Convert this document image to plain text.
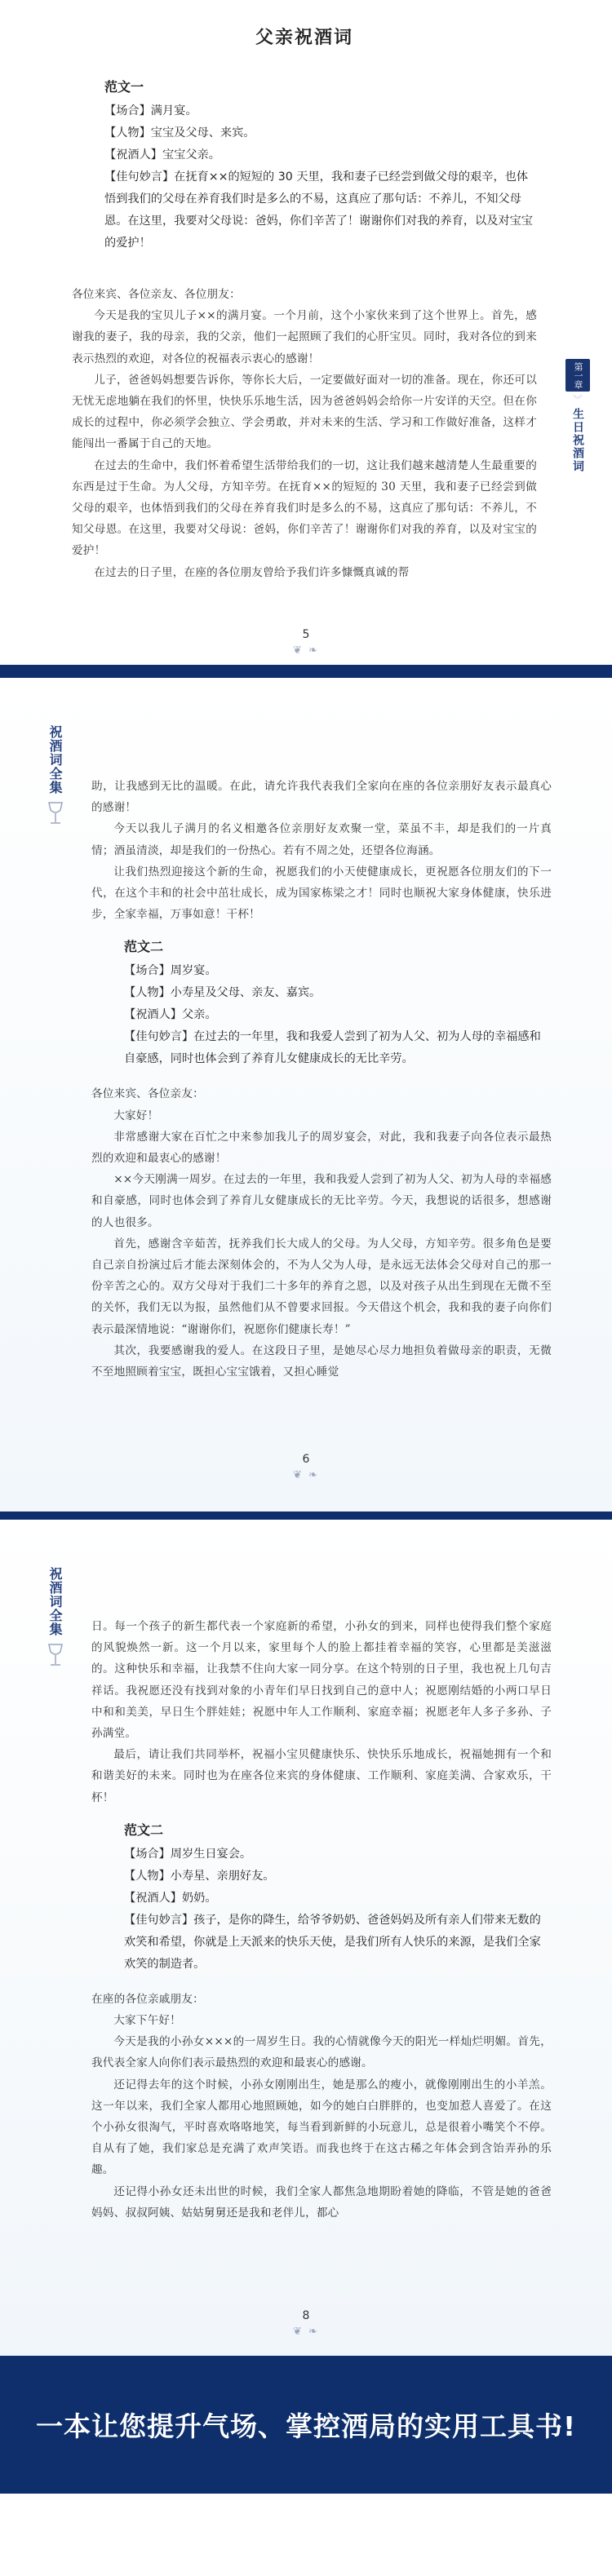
父亲祝酒词
范文一
【场合】满月宴。
【人物】宝宝及父母、来宾。
【祝酒人】宝宝父亲。
【佳句妙言】在抚育××的短短的 30 天里，我和妻子已经尝到做父母的艰辛，也体悟到我们的父母在养育我们时是多么的不易，这真应了那句话：不养儿，不知父母恩。在这里，我要对父母说：爸妈，你们辛苦了！谢谢你们对我的养育，以及对宝宝的爱护！

各位来宾、各位亲友、各位朋友：

今天是我的宝贝儿子××的满月宴。一个月前，这个小家伙来到了这个世界上。首先，感谢我的妻子，我的母亲，我的父亲，他们一起照顾了我们的心肝宝贝。同时，我对各位的到来表示热烈的欢迎，对各位的祝福表示衷心的感谢！

儿子，爸爸妈妈想要告诉你，等你长大后，一定要做好面对一切的准备。现在，你还可以无忧无虑地躺在我们的怀里，快快乐乐地生活，因为爸爸妈妈会给你一片安详的天空。但在你成长的过程中，你必须学会独立、学会勇敢，并对未来的生活、学习和工作做好准备，这样才能闯出一番属于自己的天地。

在过去的生命中，我们怀着希望生活带给我们的一切，这让我们越来越清楚人生最重要的东西是过于生命。为人父母，方知辛劳。在抚育××的短短的 30 天里，我和妻子已经尝到做父母的艰辛，也体悟到我们的父母在养育我们时是多么的不易，这真应了那句话：不养儿，不知父母恩。在这里，我要对父母说：爸妈，你们辛苦了！谢谢你们对我的养育，以及对宝宝的爱护！

在过去的日子里，在座的各位朋友曾给予我们许多慷慨真诚的帮

第一章
︾
生日祝酒词
5
❦ ❧
祝酒词全集	助，让我感到无比的温暖。在此，请允许我代表我们全家向在座的各位亲朋好友表示最真心的感谢！

今天以我儿子满月的名义相邀各位亲朋好友欢聚一堂，菜虽不丰，却是我们的一片真情；酒虽清淡，却是我们的一份热心。若有不周之处，还望各位海涵。

让我们热烈迎接这个新的生命，祝愿我们的小天使健康成长，更祝愿各位朋友们的下一代，在这个丰和的社会中茁壮成长，成为国家栋梁之才！同时也顺祝大家身体健康，快乐进步，全家幸福，万事如意！干杯！

范文二
【场合】周岁宴。
【人物】小寿星及父母、亲友、嘉宾。
【祝酒人】父亲。
【佳句妙言】在过去的一年里，我和我爱人尝到了初为人父、初为人母的幸福感和自豪感，同时也体会到了养育儿女健康成长的无比辛劳。

各位来宾、各位亲友：

大家好！

非常感谢大家在百忙之中来参加我儿子的周岁宴会，对此，我和我妻子向各位表示最热烈的欢迎和最衷心的感谢！

××今天刚满一周岁。在过去的一年里，我和我爱人尝到了初为人父、初为人母的幸福感和自豪感，同时也体会到了养育儿女健康成长的无比辛劳。今天，我想说的话很多，想感谢的人也很多。

首先，感谢含辛茹苦，抚养我们长大成人的父母。为人父母，方知辛劳。很多角色是要自己亲自扮演过后才能去深刻体会的，不为人父为人母，是永远无法体会父母对自己的那一份辛苦之心的。双方父母对于我们二十多年的养育之恩，以及对孩子从出生到现在无微不至的关怀，我们无以为报，虽然他们从不曾要求回报。今天借这个机会，我和我的妻子向你们表示最深情地说：“谢谢你们，祝愿你们健康长寿！”

其次，我要感谢我的爱人。在这段日子里，是她尽心尽力地担负着做母亲的职责，无微不至地照顾着宝宝，既担心宝宝饿着，又担心睡觉

6
❦ ❧
祝酒词全集	日。每一个孩子的新生都代表一个家庭新的希望，小孙女的到来，同样也使得我们整个家庭的风貌焕然一新。这一个月以来，家里每个人的脸上都挂着幸福的笑容，心里都是美滋滋的。这种快乐和幸福，让我禁不住向大家一同分享。在这个特别的日子里，我也祝上几句吉祥话。我祝愿还没有找到对象的小青年们早日找到自己的意中人；祝愿刚结婚的小两口早日中和和美美，早日生个胖娃娃；祝愿中年人工作顺利、家庭幸福；祝愿老年人多子多孙、子孙满堂。

最后，请让我们共同举杯，祝福小宝贝健康快乐、快快乐乐地成长，祝福她拥有一个和和谐美好的未来。同时也为在座各位来宾的身体健康、工作顺利、家庭美满、合家欢乐，干杯！

范文二
【场合】周岁生日宴会。
【人物】小寿星、亲朋好友。
【祝酒人】奶奶。
【佳句妙言】孩子，是你的降生，给爷爷奶奶、爸爸妈妈及所有亲人们带来无数的欢笑和希望，你就是上天派来的快乐天使，是我们所有人快乐的来源，是我们全家欢笑的制造者。

在座的各位亲戚朋友：

大家下午好！

今天是我的小孙女×××的一周岁生日。我的心情就像今天的阳光一样灿烂明媚。首先，我代表全家人向你们表示最热烈的欢迎和最衷心的感谢。

还记得去年的这个时候，小孙女刚刚出生，她是那么的瘦小，就像刚刚出生的小羊羔。这一年以来，我们全家人都用心地照顾她，如今的她白白胖胖的，也变加惹人喜爱了。在这个小孙女很淘气，平时喜欢咯咯地笑，每当看到新鲜的小玩意儿，总是很着小嘴笑个不停。自从有了她，我们家总是充满了欢声笑语。而我也终于在这古稀之年体会到含饴弄孙的乐趣。

还记得小孙女还未出世的时候，我们全家人都焦急地期盼着她的降临，不管是她的爸爸妈妈、叔叔阿姨、姑姑舅舅还是我和老伴儿，都心

8
❦ ❧
一本让您提升气场、掌控酒局的实用工具书!
